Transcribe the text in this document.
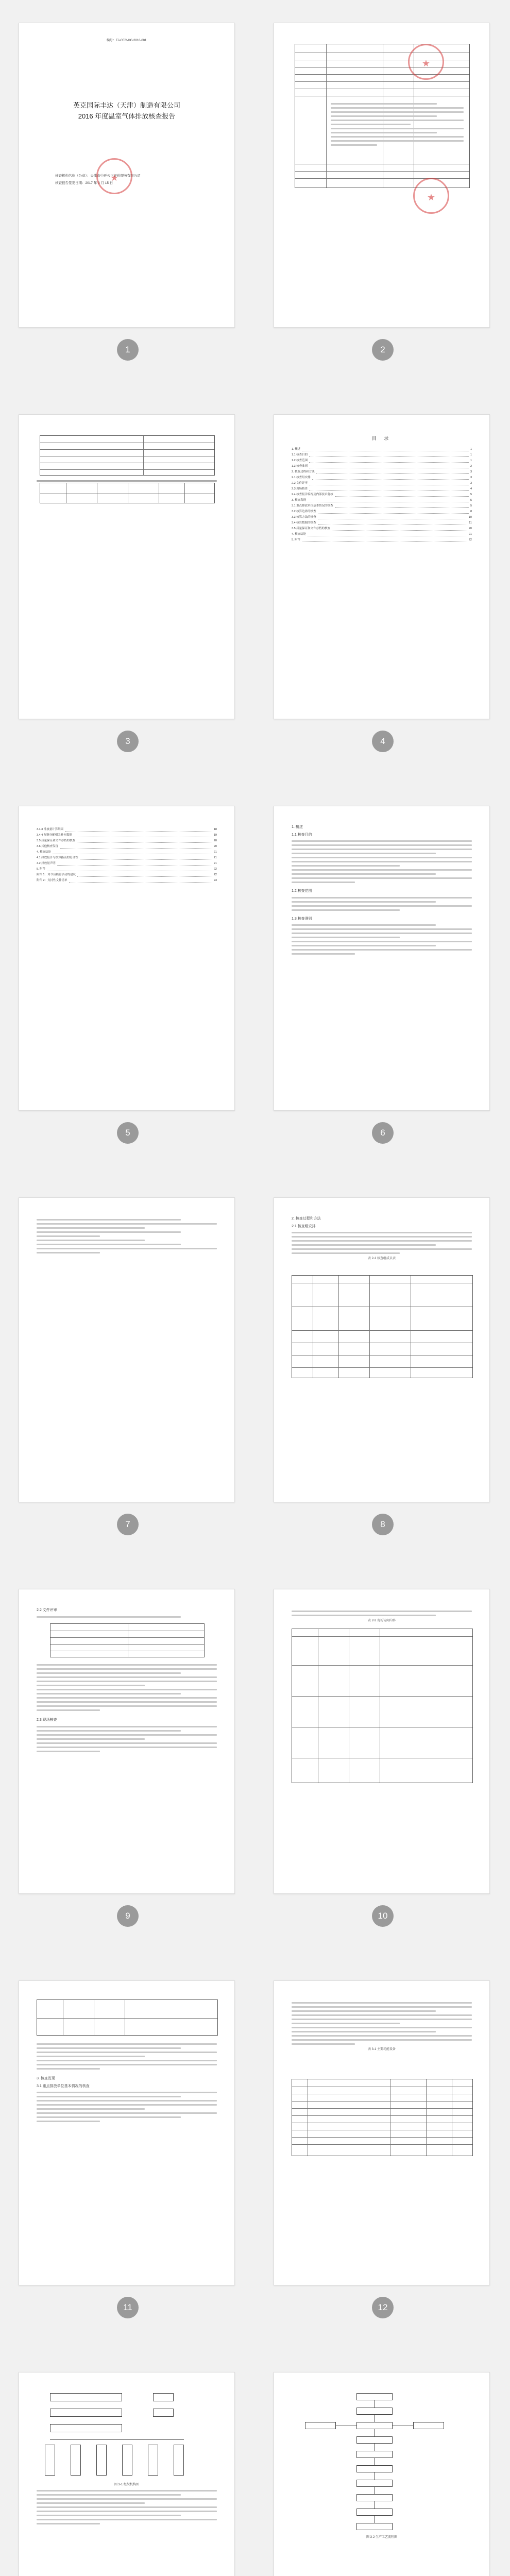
编号：TJ-CEC-HC-2016-001
英克国际丰达（天津）制造有限公司
2016 年度温室气体排放核查报告
核查机构名称（公章）：天津市中环公正评价服务有限公司
核查报告签发日期：2017 年 3 月 15 日
★
1
★
★	2
3
目 录
1. 概述	1
1.1 核查目的	1
1.2 核查范围	1
1.3 核查准则	2
2. 核查过程和方法	3
2.1 核查组安排	3
2.2 文件评审	3
2.3 现场核查	4
2.4 核查报告编写及内部技术复核	5
3. 核查发现	5
3.1 重点排放单位基本情况的核查	5
3.2 核算边界的核查	8
3.3 核算方法的核查	10
3.4 核算数据的核查	11
3.5 质量保证和文件存档的核查	20
4. 核查结论	21
5. 附件	22
4
3.4.3 排放量计算结果	18
3.4.4 配额分配相关补充数据	19
3.5 质量保证和文件存档的核查	20
3.6 其他核查发现	20
4. 核查结论	21
4.1 排放报告与核算指南的符合性	21
4.2 排放量声明	21
5. 附件	22
附件 1：对今后核算活动的建议	22
附件 2：支持性文件清单	23
5
1. 概述
1.1 核查目的
1.2 核查范围
1.3 核查准则
6
7
2. 核查过程和方法
2.1 核查组安排
表 2-1 核查组成员表
8
2.2 文件评审
2.3 现场核查
9
表 2-2 现场访问内容
10
3. 核查发现
3.1 重点排放单位基本情况的核查
11
表 3-1 主要耗能设备
12
图 3-1 组织机构图
图 3-2 生产工艺流程图
